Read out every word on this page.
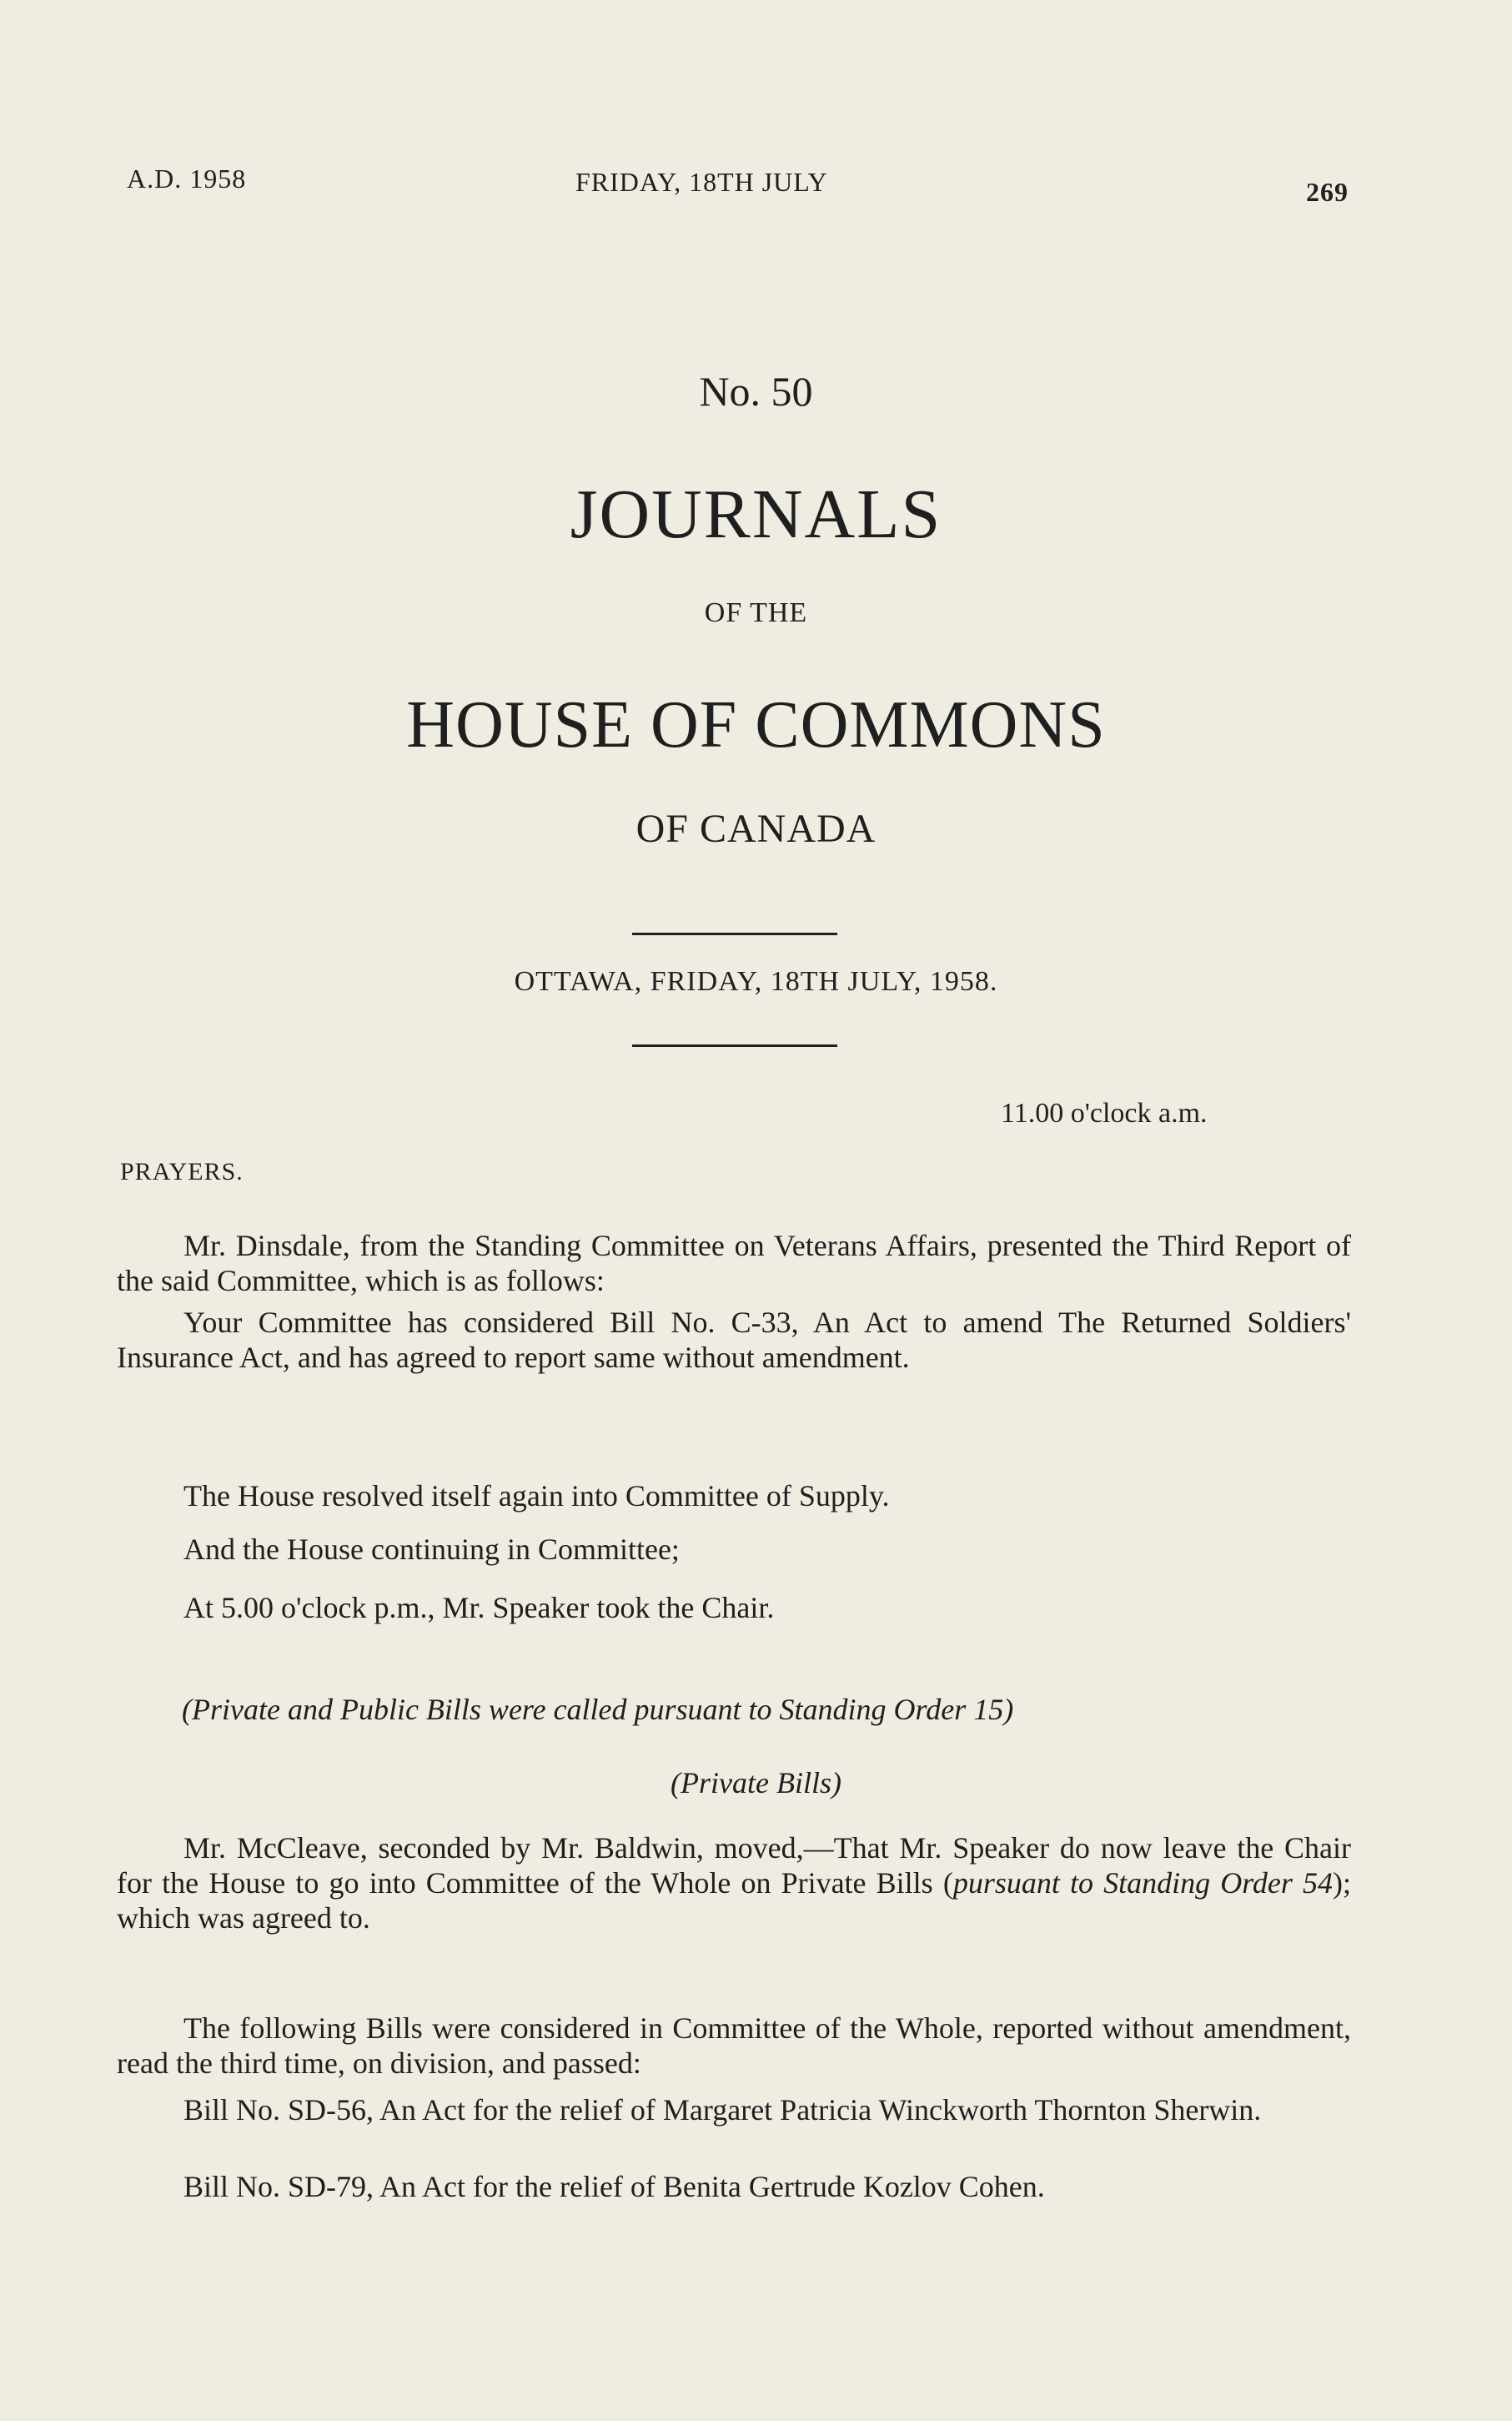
A.D. 1958	FRIDAY, 18TH JULY	269
No. 50
JOURNALS
OF THE
HOUSE OF COMMONS
OF CANADA
OTTAWA, FRIDAY, 18TH JULY, 1958.
11.00 o'clock a.m.
PRAYERS.
Mr. Dinsdale, from the Standing Committee on Veterans Affairs, presented the Third Report of the said Committee, which is as follows:
Your Committee has considered Bill No. C-33, An Act to amend The Returned Soldiers' Insurance Act, and has agreed to report same without amendment.
The House resolved itself again into Committee of Supply.
And the House continuing in Committee;
At 5.00 o'clock p.m., Mr. Speaker took the Chair.
(Private and Public Bills were called pursuant to Standing Order 15)
(Private Bills)
Mr. McCleave, seconded by Mr. Baldwin, moved,—That Mr. Speaker do now leave the Chair for the House to go into Committee of the Whole on Private Bills (pursuant to Standing Order 54); which was agreed to.
The following Bills were considered in Committee of the Whole, reported without amendment, read the third time, on division, and passed:
Bill No. SD-56, An Act for the relief of Margaret Patricia Winckworth Thornton Sherwin.
Bill No. SD-79, An Act for the relief of Benita Gertrude Kozlov Cohen.
